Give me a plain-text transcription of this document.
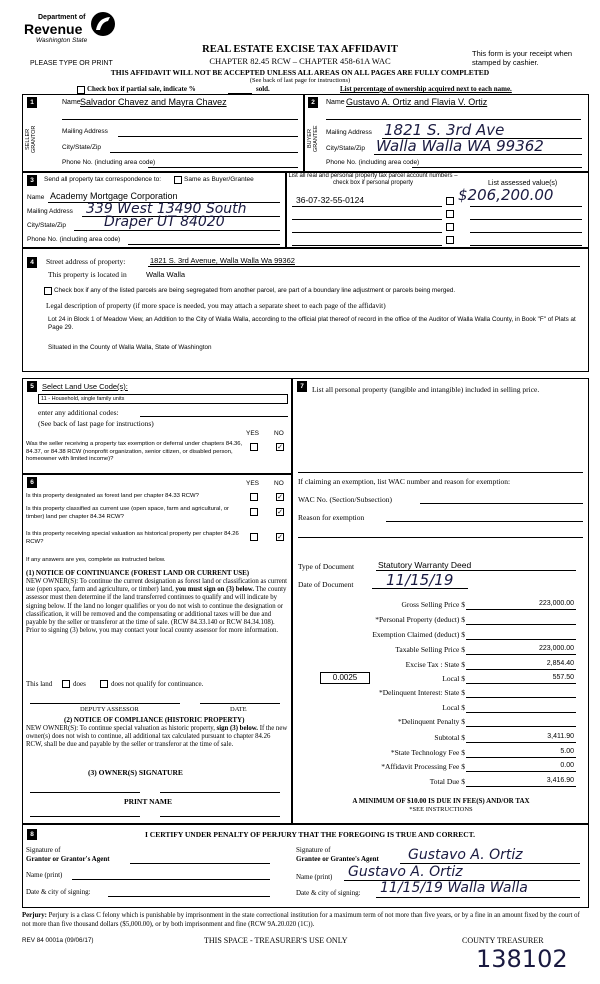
Department of
Revenue
Washington State
REAL ESTATE EXCISE TAX AFFIDAVIT
CHAPTER 82.45 RCW – CHAPTER 458-61A WAC
This form is your receipt when stamped by cashier.
PLEASE TYPE OR PRINT
THIS AFFIDAVIT WILL NOT BE ACCEPTED UNLESS ALL AREAS ON ALL PAGES ARE FULLY COMPLETED
(See back of last page for instructions)
Check box if partial sale, indicate %	sold.	List percentage of ownership acquired next to each name.
1
SELLER GRANTOR
Name Salvador Chavez and Mayra Chavez
Mailing Address
City/State/Zip
Phone No. (including area code)
2
BUYER GRANTEE
Name Gustavo A. Ortiz and Flavia V. Ortiz
Mailing Address 1821 S. 3rd Ave
City/State/Zip Walla Walla WA 99362
Phone No. (including area code)
3	Send all property tax correspondence to:	Same as Buyer/Grantee
Name Academy Mortgage Corporation
Mailing Address 339 West 13490 South
City/State/Zip	Draper UT 84020
Phone No. (including area code)
List all real and personal property tax parcel account numbers – check box if personal property	List assessed value(s)
36-07-32-55-0124	$206,200.00
4	Street address of property:	1821 S. 3rd Avenue, Walla Walla Wa 99362
This property is located in	Walla Walla
Check box if any of the listed parcels are being segregated from another parcel, are part of a boundary line adjustment or parcels being merged.
Legal description of property (if more space is needed, you may attach a separate sheet to each page of the affidavit)
Lot 24 in Block 1 of Meadow View, an Addition to the City of Walla Walla, according to the official plat thereof of record in the office of the Auditor of Walla Walla County, in Book "F" of Plats at Page 29.
Situated in the County of Walla Walla, State of Washington
5	Select Land Use Code(s):
11 - Household, single family units
enter any additional codes:
(See back of last page for instructions)
YES NO
Was the seller receiving a property tax exemption or deferral under chapters 84.36, 84.37, or 84.38 RCW (nonprofit organization, senior citizen, or disabled person, homeowner with limited income)?
✓
6	YES NO
Is this property designated as forest land per chapter 84.33 RCW?	✓
Is this property classified as current use (open space, farm and agricultural, or timber) land per chapter 84.34 RCW?
✓
Is this property receiving special valuation as historical property per chapter 84.26 RCW?
✓
If any answers are yes, complete as instructed below.
(1) NOTICE OF CONTINUANCE (FOREST LAND OR CURRENT USE)
NEW OWNER(S): To continue the current designation as forest land or classification as current use (open space, farm and agriculture, or timber) land, you must sign on (3) below. The county assessor must then determine if the land transferred continues to qualify and will indicate by signing below. If the land no longer qualifies or you do not wish to continue the designation or classification, it will be removed and the compensating or additional taxes will be due and payable by the seller or transferor at the time of sale. (RCW 84.33.140 or RCW 84.34.108). Prior to signing (3) below, you may contact your local county assessor for more information.
This land	does	does not qualify for continuance.
DEPUTY ASSESSOR	DATE
(2) NOTICE OF COMPLIANCE (HISTORIC PROPERTY)
NEW OWNER(S): To continue special valuation as historic property, sign (3) below. If the new owner(s) does not wish to continue, all additional tax calculated pursuant to chapter 84.26 RCW, shall be due and payable by the seller or transferor at the time of sale.
(3) OWNER(S) SIGNATURE
PRINT NAME
7	List all personal property (tangible and intangible) included in selling price.
If claiming an exemption, list WAC number and reason for exemption:
WAC No. (Section/Subsection)
Reason for exemption
Type of Document	Statutory Warranty Deed
Date of Document 11/15/19
Gross Selling Price $	223,000.00
*Personal Property (deduct) $
Exemption Claimed (deduct) $
Taxable Selling Price $	223,000.00
Excise Tax : State $	2,854.40
0.0025	Local $	557.50
*Delinquent Interest: State $
Local $
*Delinquent Penalty $
Subtotal $	3,411.90
*State Technology Fee $	5.00
*Affidavit Processing Fee $	0.00
Total Due $	3,416.90
A MINIMUM OF $10.00 IS DUE IN FEE(S) AND/OR TAX
*SEE INSTRUCTIONS
8	I CERTIFY UNDER PENALTY OF PERJURY THAT THE FOREGOING IS TRUE AND CORRECT.
Signature of
Grantor or Grantor's Agent
Name (print)
Date & city of signing:
Signature of
Grantee or Grantee's Agent Gustavo A. Ortiz
Name (print) Gustavo A. Ortiz
Date & city of signing: 11/15/19 Walla Walla
Perjury: Perjury is a class C felony which is punishable by imprisonment in the state correctional institution for a maximum term of not more than five years, or by a fine in an amount fixed by the court of not more than five thousand dollars ($5,000.00), or by both imprisonment and fine (RCW 9A.20.020 (1C)).
REV 84 0001a (09/06/17)	THIS SPACE - TREASURER'S USE ONLY	COUNTY TREASURER
138102
